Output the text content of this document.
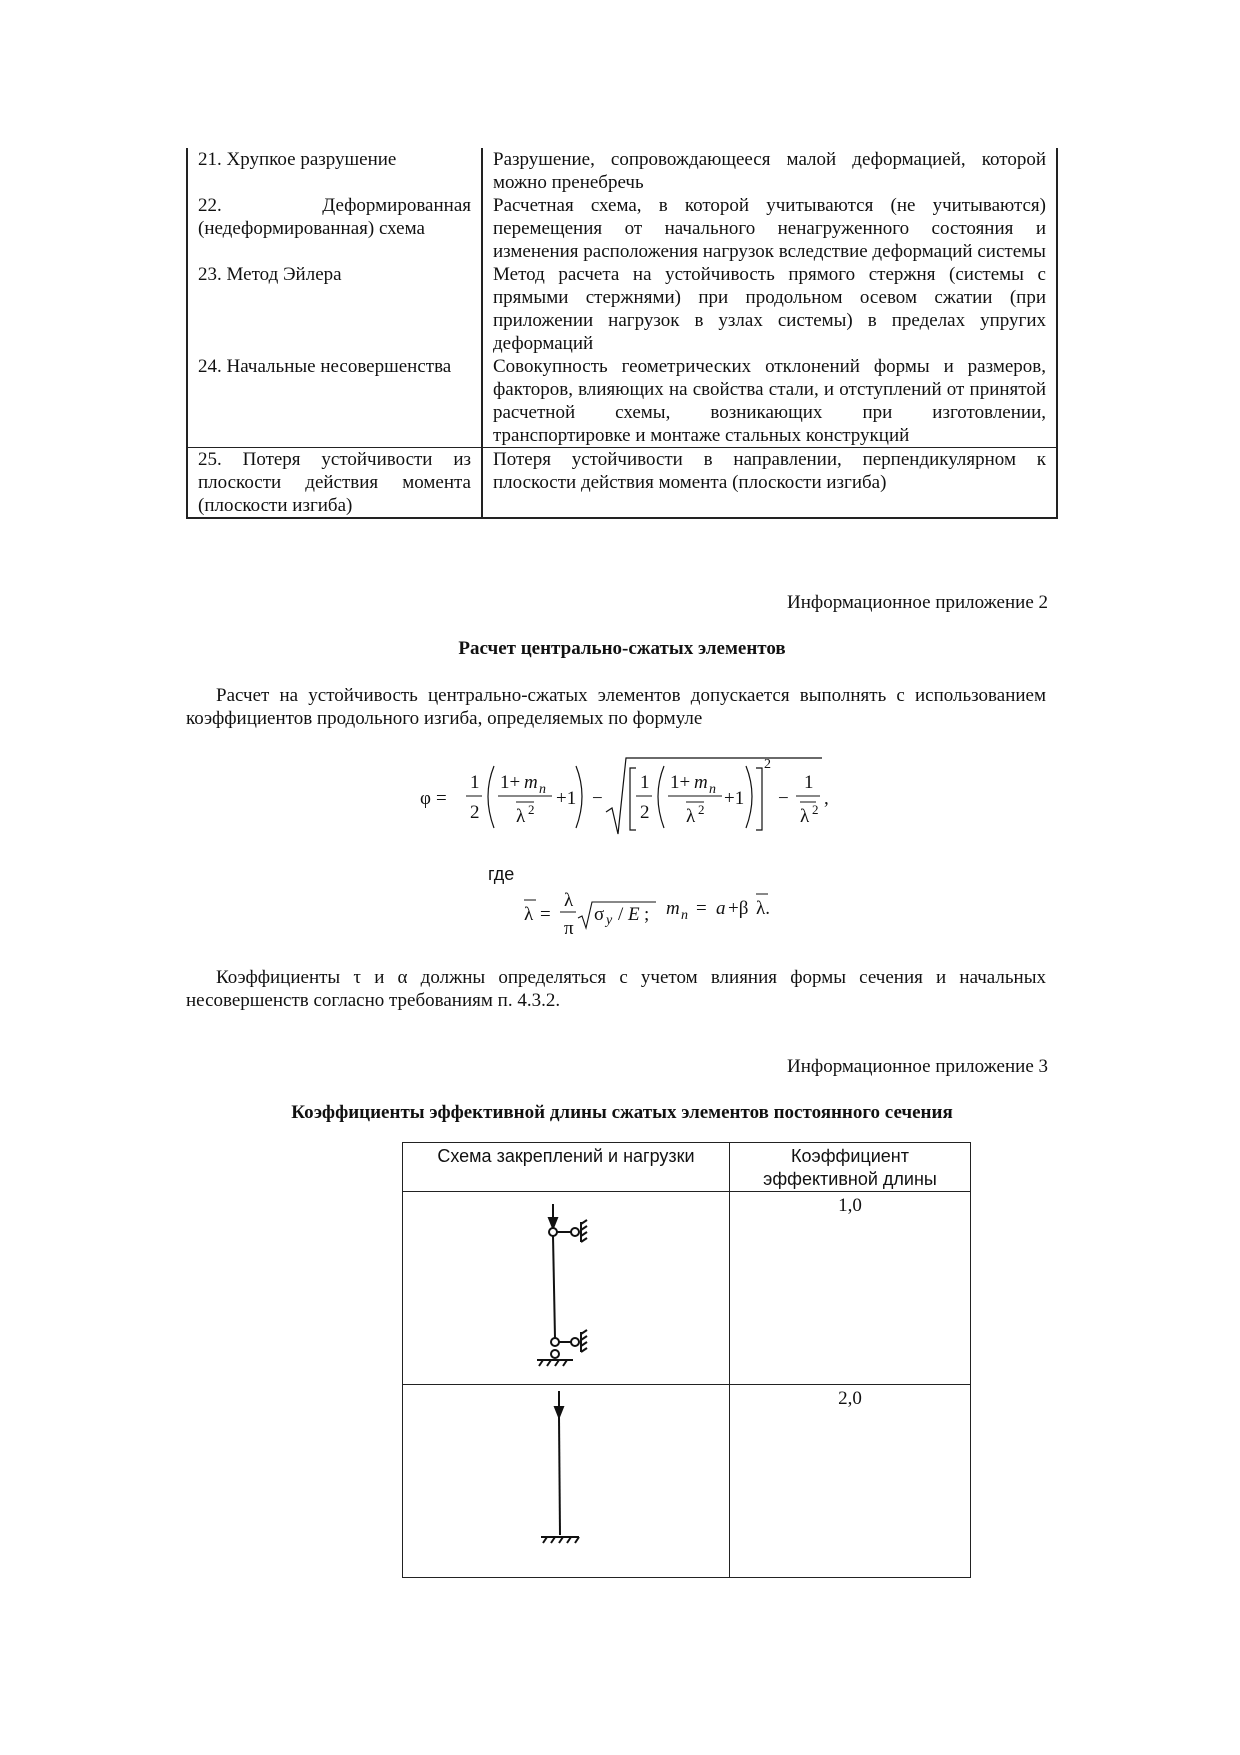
21. Хрупкое разрушение	Разрушение, сопровождающееся малой деформацией, которой можно пренебречь

22. Деформированная (недеформированная) схема	Расчетная схема, в которой учитываются (не учитываются) перемещения от начального ненагруженного состояния и изменения расположения нагрузок вследствие деформаций системы

23. Метод Эйлера	Метод расчета на устойчивость прямого стержня (системы с прямыми стержнями) при продольном осевом сжатии (при приложении нагрузок в узлах системы) в пределах упругих деформаций

24. Начальные несовершенства	Совокупность геометрических отклонений формы и размеров, факторов, влияющих на свойства стали, и отступлений от принятой расчетной схемы, возникающих при изготовлении, транспортировке и монтаже стальных конструкций

25. Потеря устойчивости из плоскости действия момента (плоскости изгиба)	Потеря устойчивости в направлении, перпендикулярном к плоскости действия момента (плоскости изгиба)

Информационное приложение 2
Расчет центрально-сжатых элементов
Расчет на устойчивость центрально-сжатых элементов допускается выполнять с использованием коэффициентов продольного изгиба, определяемых по формуле
φ =
1
2
1+ m n
λ 2
+1 −
1
2
1+ m n
λ 2
+1
2
−
1
λ 2
,
где
λ =
λ
π
σ y / E ; m n = a +β λ.
Коэффициенты τ и α должны определяться с учетом влияния формы сечения и начальных несовершенств согласно требованиям п. 4.3.2.
Информационное приложение 3
Коэффициенты эффективной длины сжатых элементов постоянного сечения
Схема закреплений и нагрузки	Коэффициент
эффективной длины

	1,0
	2,0
